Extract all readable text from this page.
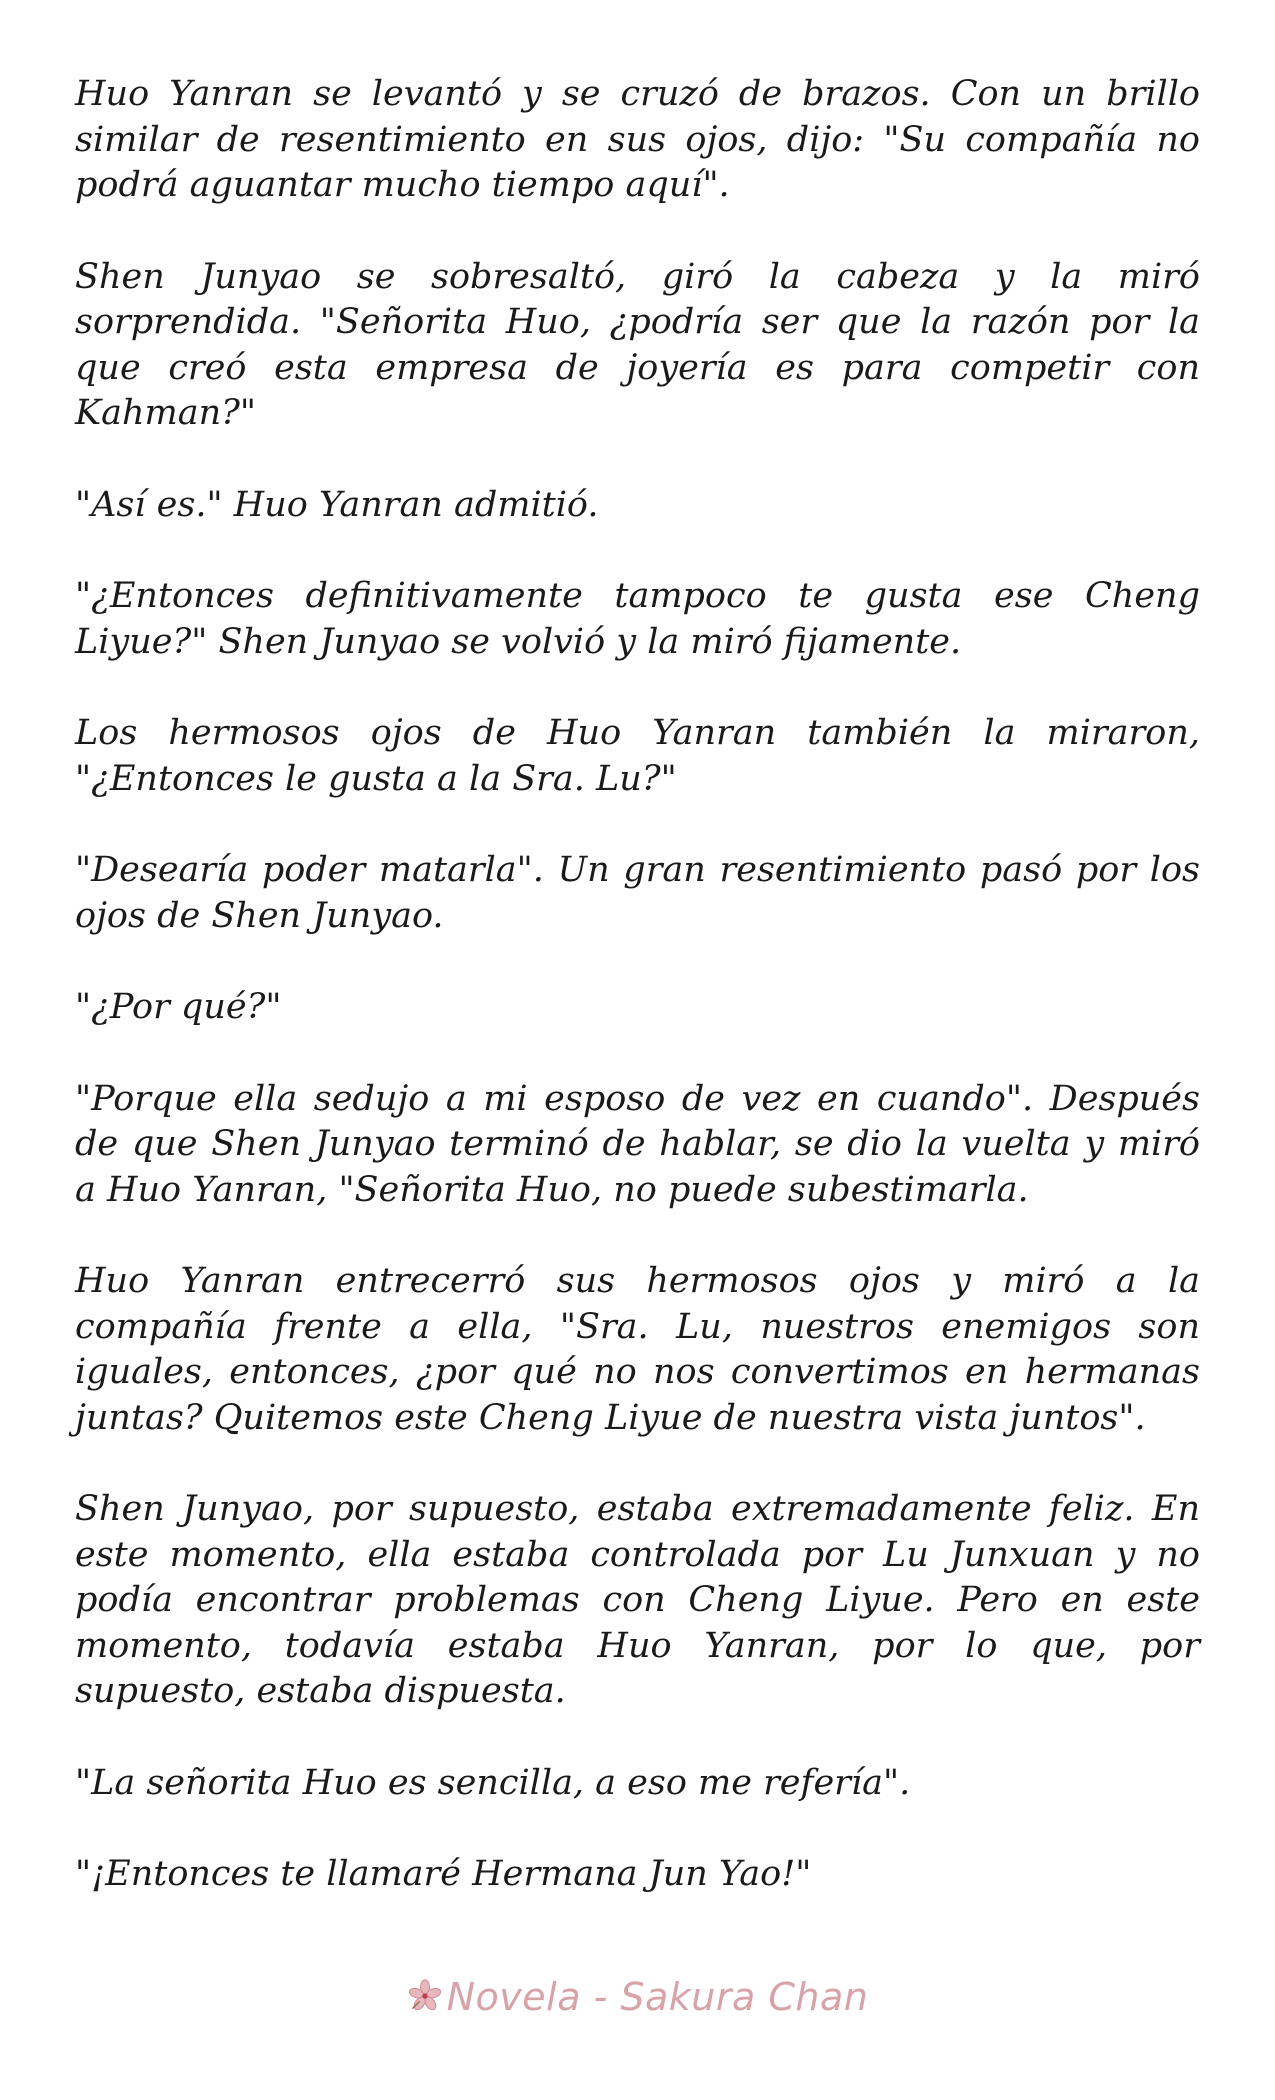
Huo Yanran se levantó y se cruzó de brazos. Con un brillo similar de resentimiento en sus ojos, dijo: "Su compañía no podrá aguantar mucho tiempo aquí".

Shen Junyao se sobresaltó, giró la cabeza y la miró sorprendida. "Señorita Huo, ¿podría ser que la razón por la que creó esta empresa de joyería es para competir con Kahman?"

"Así es." Huo Yanran admitió.

"¿Entonces definitivamente tampoco te gusta ese Cheng Liyue?" Shen Junyao se volvió y la miró fijamente.

Los hermosos ojos de Huo Yanran también la miraron, "¿Entonces le gusta a la Sra. Lu?"

"Desearía poder matarla". Un gran resentimiento pasó por los ojos de Shen Junyao.

"¿Por qué?"

"Porque ella sedujo a mi esposo de vez en cuando". Después de que Shen Junyao terminó de hablar, se dio la vuelta y miró a Huo Yanran, "Señorita Huo, no puede subestimarla.

Huo Yanran entrecerró sus hermosos ojos y miró a la compañía frente a ella, "Sra. Lu, nuestros enemigos son iguales, entonces, ¿por qué no nos convertimos en hermanas juntas? Quitemos este Cheng Liyue de nuestra vista juntos".

Shen Junyao, por supuesto, estaba extremadamente feliz. En este momento, ella estaba controlada por Lu Junxuan y no podía encontrar problemas con Cheng Liyue. Pero en este momento, todavía estaba Huo Yanran, por lo que, por supuesto, estaba dispuesta.

"La señorita Huo es sencilla, a eso me refería".

"¡Entonces te llamaré Hermana Jun Yao!"

Novela - Sakura Chan
